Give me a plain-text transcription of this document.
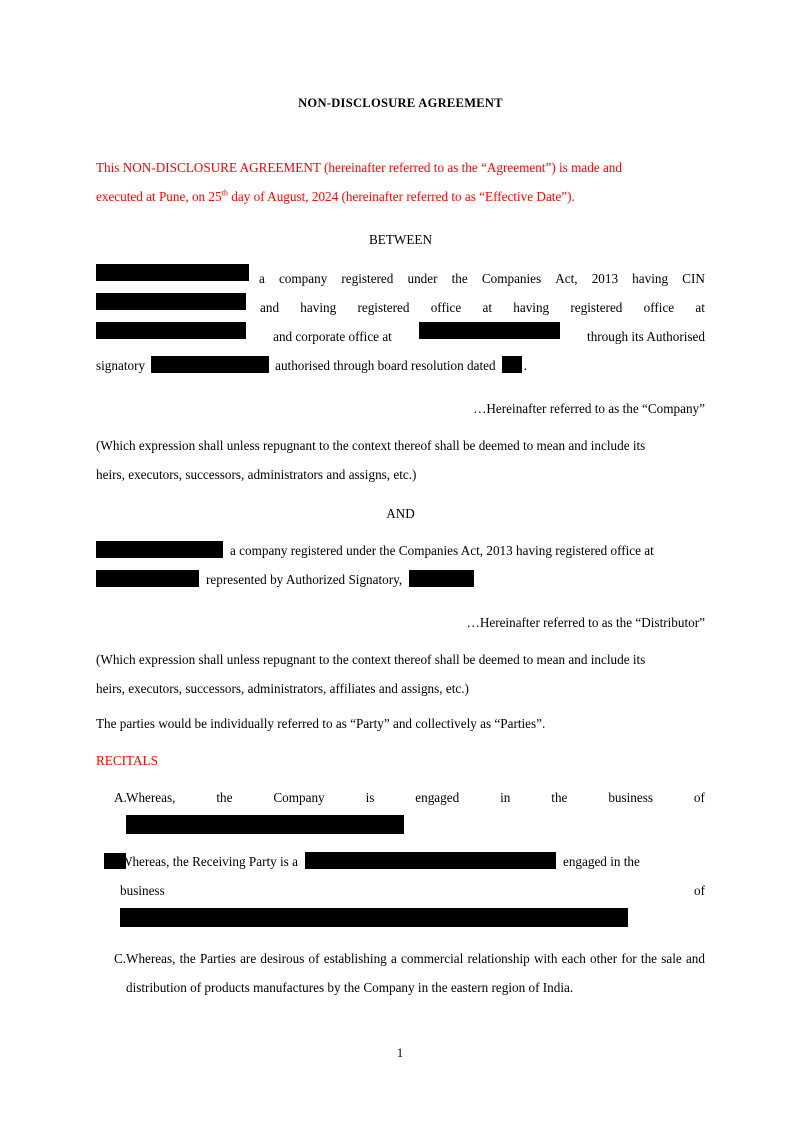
NON-DISCLOSURE AGREEMENT

This NON-DISCLOSURE AGREEMENT (hereinafter referred to as the “Agreement”) is made and
executed at Pune, on 25th day of August, 2024 (hereinafter referred to as “Effective Date”).

BETWEEN
a company registered under the Companies Act, 2013 having CIN
and having registered office at having registered office at
and corporate office at	through its Authorised
signatory	authorised through board resolution dated .
…Hereinafter referred to as the “Company”
(Which expression shall unless repugnant to the context thereof shall be deemed to mean and include its
heirs, executors, successors, administrators and assigns, etc.)
AND
a company registered under the Companies Act, 2013 having registered office at
represented by Authorized Signatory,
…Hereinafter referred to as the “Distributor”
(Which expression shall unless repugnant to the context thereof shall be deemed to mean and include its
heirs, executors, successors, administrators, affiliates and assigns, etc.)
The parties would be individually referred to as “Party” and collectively as “Parties”.
RECITALS
A. Whereas,	the	Company	is	engaged	in	the	business	of
Whereas, the Receiving Party is a	engaged in the
business	of
C. Whereas, the Parties are desirous of establishing a commercial relationship with each other for the sale and distribution of products manufactures by the Company in the eastern region of India.
1
